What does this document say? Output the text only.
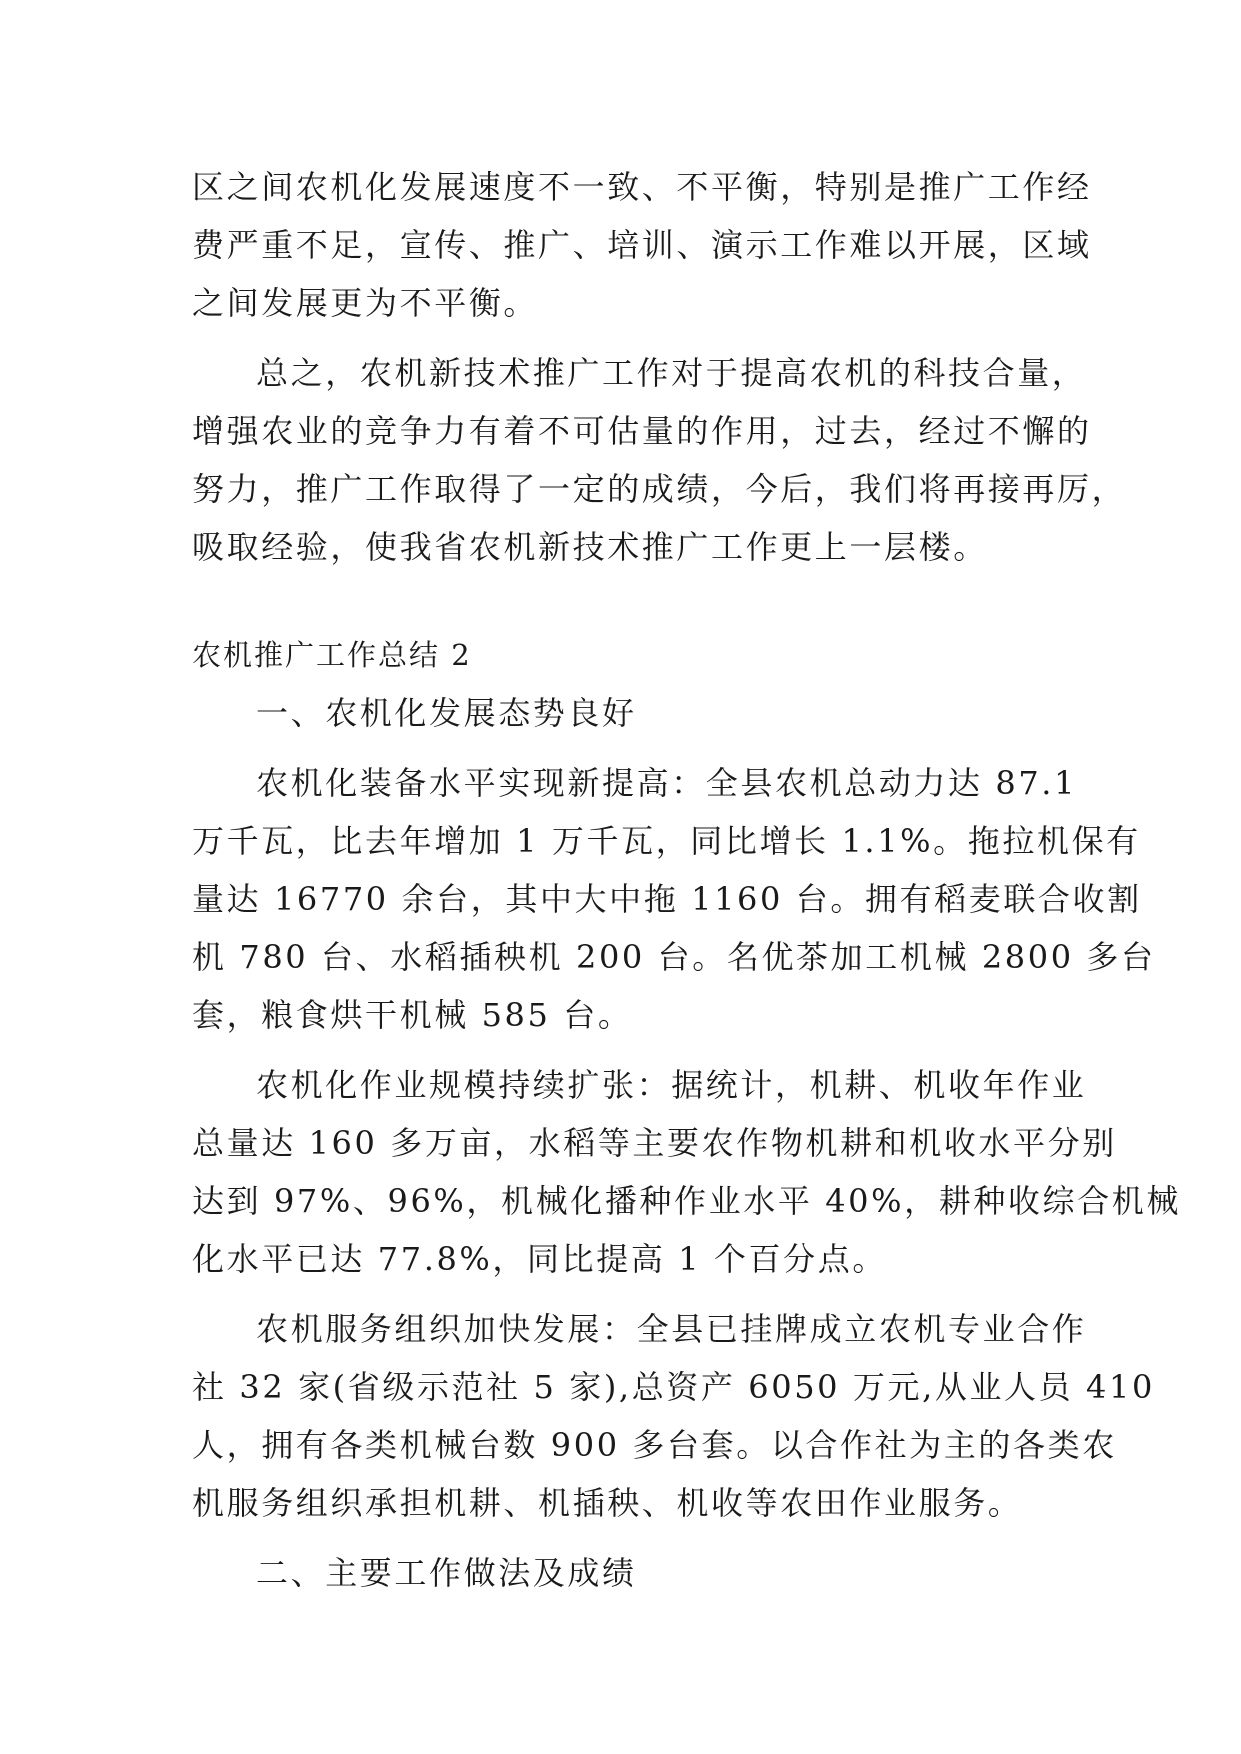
区之间农机化发展速度不一致、不平衡，特别是推广工作经
费严重不足，宣传、推广、培训、演示工作难以开展，区域
之间发展更为不平衡。
总之，农机新技术推广工作对于提高农机的科技合量，
增强农业的竞争力有着不可估量的作用，过去，经过不懈的
努力，推广工作取得了一定的成绩，今后，我们将再接再厉，
吸取经验，使我省农机新技术推广工作更上一层楼。
农机推广工作总结 2
一、农机化发展态势良好
农机化装备水平实现新提高：全县农机总动力达 87.1
万千瓦，比去年增加 1 万千瓦，同比增长 1.1%。拖拉机保有
量达 16770 余台，其中大中拖 1160 台。拥有稻麦联合收割
机 780 台、水稻插秧机 200 台。名优茶加工机械 2800 多台
套，粮食烘干机械 585 台。
农机化作业规模持续扩张：据统计，机耕、机收年作业
总量达 160 多万亩，水稻等主要农作物机耕和机收水平分别
达到 97%、96%，机械化播种作业水平 40%，耕种收综合机械
化水平已达 77.8%，同比提高 1 个百分点。
农机服务组织加快发展：全县已挂牌成立农机专业合作
社 32 家(省级示范社 5 家),总资产 6050 万元,从业人员 410
人，拥有各类机械台数 900 多台套。以合作社为主的各类农
机服务组织承担机耕、机插秧、机收等农田作业服务。
二、主要工作做法及成绩
